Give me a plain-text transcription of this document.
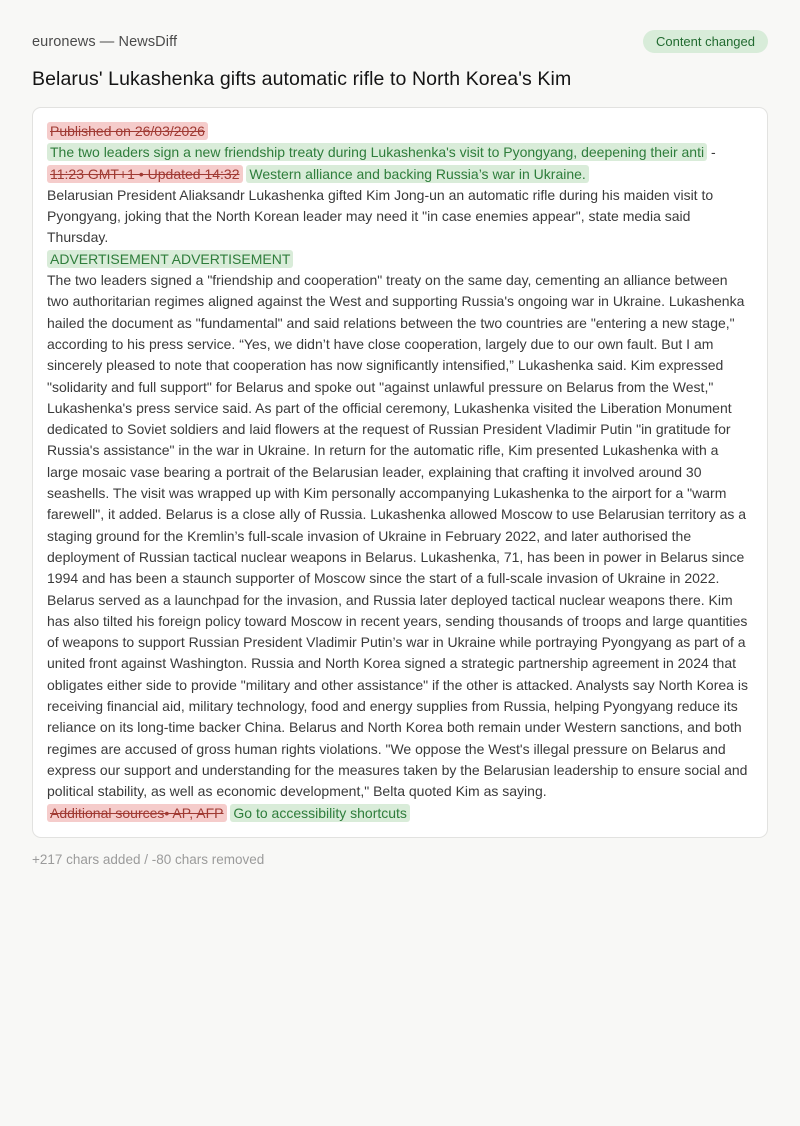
euronews — NewsDiff	Content changed
Belarus' Lukashenka gifts automatic rifle to North Korea's Kim
Published on 26/03/2026
The two leaders sign a new friendship treaty during Lukashenka's visit to Pyongyang, deepening their anti - 11:23 GMT+1 • Updated 14:32 Western alliance and backing Russia’s war in Ukraine.
Belarusian President Aliaksandr Lukashenka gifted Kim Jong-un an automatic rifle during his maiden visit to Pyongyang, joking that the North Korean leader may need it "in case enemies appear", state media said Thursday.
ADVERTISEMENT ADVERTISEMENT
The two leaders signed a "friendship and cooperation" treaty on the same day, cementing an alliance between two authoritarian regimes aligned against the West and supporting Russia's ongoing war in Ukraine. Lukashenka hailed the document as "fundamental" and said relations between the two countries are "entering a new stage," according to his press service. “Yes, we didn’t have close cooperation, largely due to our own fault. But I am sincerely pleased to note that cooperation has now significantly intensified,” Lukashenka said. Kim expressed "solidarity and full support" for Belarus and spoke out "against unlawful pressure on Belarus from the West," Lukashenka's press service said. As part of the official ceremony, Lukashenka visited the Liberation Monument dedicated to Soviet soldiers and laid flowers at the request of Russian President Vladimir Putin "in gratitude for Russia's assistance" in the war in Ukraine. In return for the automatic rifle, Kim presented Lukashenka with a large mosaic vase bearing a portrait of the Belarusian leader, explaining that crafting it involved around 30 seashells. The visit was wrapped up with Kim personally accompanying Lukashenka to the airport for a "warm farewell", it added. Belarus is a close ally of Russia. Lukashenka allowed Moscow to use Belarusian territory as a staging ground for the Kremlin’s full-scale invasion of Ukraine in February 2022, and later authorised the deployment of Russian tactical nuclear weapons in Belarus. Lukashenka, 71, has been in power in Belarus since 1994 and has been a staunch supporter of Moscow since the start of a full-scale invasion of Ukraine in 2022. Belarus served as a launchpad for the invasion, and Russia later deployed tactical nuclear weapons there. Kim has also tilted his foreign policy toward Moscow in recent years, sending thousands of troops and large quantities of weapons to support Russian President Vladimir Putin’s war in Ukraine while portraying Pyongyang as part of a united front against Washington. Russia and North Korea signed a strategic partnership agreement in 2024 that obligates either side to provide "military and other assistance" if the other is attacked. Analysts say North Korea is receiving financial aid, military technology, food and energy supplies from Russia, helping Pyongyang reduce its reliance on its long-time backer China. Belarus and North Korea both remain under Western sanctions, and both regimes are accused of gross human rights violations. "We oppose the West's illegal pressure on Belarus and express our support and understanding for the measures taken by the Belarusian leadership to ensure social and political stability, as well as economic development," Belta quoted Kim as saying.
Additional sources• AP, AFP Go to accessibility shortcuts
+217 chars added / -80 chars removed
